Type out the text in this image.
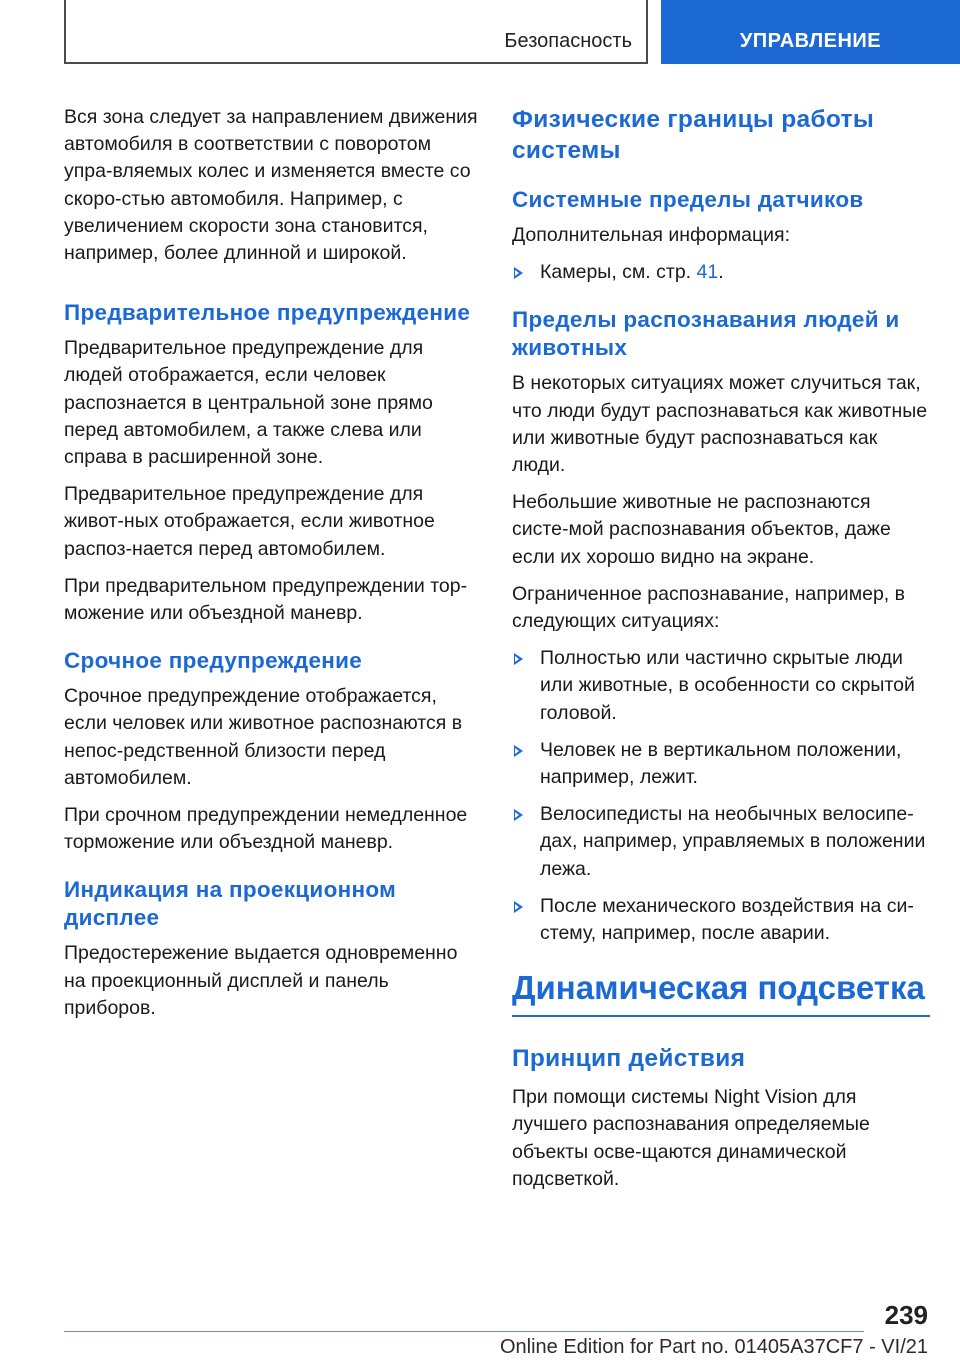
Безопасность	УПРАВЛЕНИЕ

Вся зона следует за направлением движения автомобиля в соответствии с поворотом упра-вляемых колес и изменяется вместе со скоро-стью автомобиля. Например, с увеличением скорости зона становится, например, более длинной и широкой.

Предварительное предупреждение

Предварительное предупреждение для людей отображается, если человек распознается в центральной зоне прямо перед автомобилем, а также слева или справа в расширенной зоне.

Предварительное предупреждение для живот-ных отображается, если животное распоз-нается перед автомобилем.

При предварительном предупреждении тор-можение или объездной маневр.

Срочное предупреждение

Срочное предупреждение отображается, если человек или животное распознаются в непос-редственной близости перед автомобилем.

При срочном предупреждении немедленное торможение или объездной маневр.

Индикация на проекционном дисплее

Предостережение выдается одновременно на проекционный дисплей и панель приборов.

Физические границы работы системы
Системные пределы датчиков

Дополнительная информация:

Камеры, см. стр. 41.
Пределы распознавания людей и животных

В некоторых ситуациях может случиться так, что люди будут распознаваться как животные или животные будут распознаваться как люди.

Небольшие животные не распознаются систе-мой распознавания объектов, даже если их хорошо видно на экране.

Ограниченное распознавание, например, в следующих ситуациях:

Полностью или частично скрытые люди или животные, в особенности со скрытой головой.
Человек не в вертикальном положении, например, лежит.
Велосипедисты на необычных велосипе-дах, например, управляемых в положении лежа.
После механического воздействия на си-стему, например, после аварии.
Динамическая подсветка
Принцип действия

При помощи системы Night Vision для лучшего распознавания определяемые объекты осве-щаются динамической подсветкой.

239
Online Edition for Part no. 01405A37CF7 - VI/21
